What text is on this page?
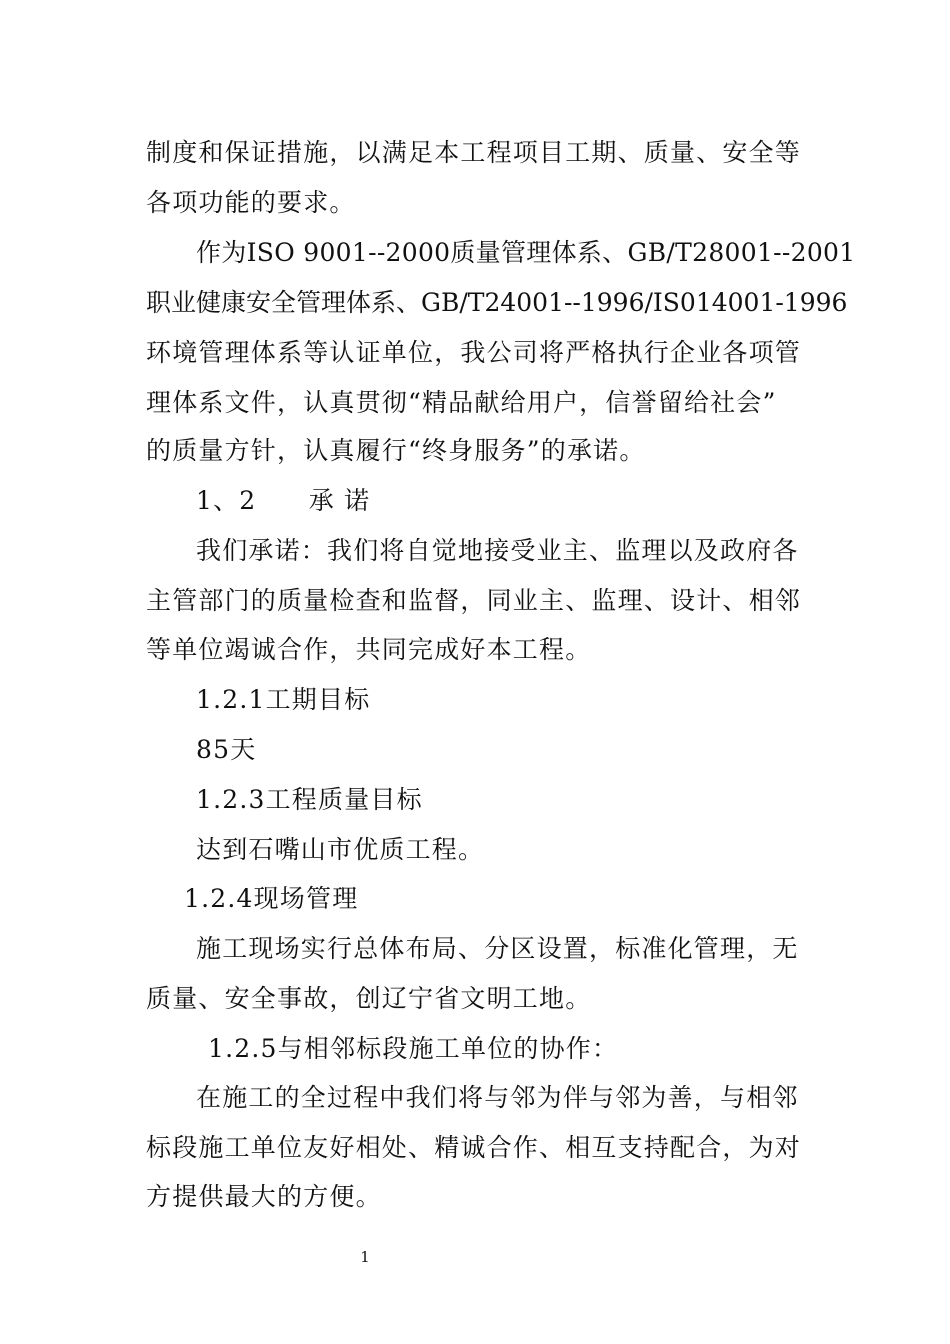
制度和保证措施，以满足本工程项目工期、质量、安全等
各项功能的要求。
作为ISO 9001--2000质量管理体系、GB/T28001--2001
职业健康安全管理体系、GB/T24001--1996/IS014001-1996
环境管理体系等认证单位，我公司将严格执行企业各项管
理体系文件，认真贯彻“精品献给用户，信誉留给社会”
的质量方针，认真履行“终身服务”的承诺。
1、2　　承 诺
我们承诺：我们将自觉地接受业主、监理以及政府各
主管部门的质量检查和监督，同业主、监理、设计、相邻
等单位竭诚合作，共同完成好本工程。
1.2.1工期目标
85天
1.2.3工程质量目标
达到石嘴山市优质工程。
1.2.4现场管理
施工现场实行总体布局、分区设置，标准化管理，无
质量、安全事故，创辽宁省文明工地。
1.2.5与相邻标段施工单位的协作：
在施工的全过程中我们将与邻为伴与邻为善，与相邻
标段施工单位友好相处、精诚合作、相互支持配合，为对
方提供最大的方便。
1
